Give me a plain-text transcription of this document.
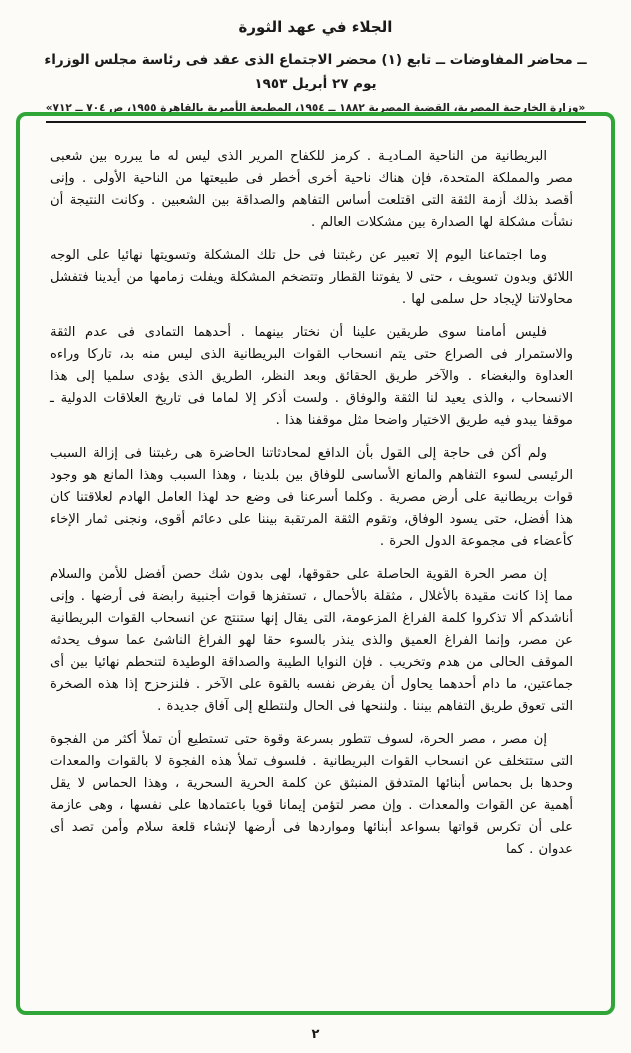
الجلاء في عهد الثورة
ــ محاضر المفاوضات ــ تابع (١) محضر الاجتماع الذى عقد فى رئاسة مجلس الوزراء يوم ٢٧ أبريل ١٩٥٣
«وزارة الخارجية المصرية، القضية المصرية ١٨٨٢ ــ ١٩٥٤، المطبعة الأميرية بالقاهرة ١٩٥٥، ص ٧٠٤ ــ ٧١٢»

البريطانية من الناحية المـاديـة . كرمز للكفاح المرير الذى ليس له ما يبرره بين شعبى مصر والمملكة المتحدة، فإن هناك ناحية أخرى أخطر فى طبيعتها من الناحية الأولى . وإنى أقصد بذلك أزمة الثقة التى اقتلعت أساس التفاهم والصداقة بين الشعبين . وكانت النتيجة أن نشأت مشكلة لها الصدارة بين مشكلات العالم .

وما اجتماعنا اليوم إلا تعبير عن رغبتنا فى حل تلك المشكلة وتسويتها نهائيا على الوجه اللائق وبدون تسويف ، حتى لا يفوتنا القطار وتتضخم المشكلة ويفلت زمامها من أيدينا فتفشل محاولاتنا لإيجاد حل سلمى لها .

فليس أمامنا سوى طريقين علينا أن نختار بينهما . أحدهما التمادى فى عدم الثقة والاستمرار فى الصراع حتى يتم انسحاب القوات البريطانية الذى ليس منه بد، تاركا وراءه العداوة والبغضاء . والآخر طريق الحقائق وبعد النظر، الطريق الذى يؤدى سلميا إلى هذا الانسحاب ، والذى يعيد لنا الثقة والوفاق . ولست أذكر إلا لماما فى تاريخ العلاقات الدولية ـ موقفا يبدو فيه طريق الاختيار واضحا مثل موقفنا هذا .

ولم أكن فى حاجة إلى القول بأن الدافع لمحادثاتنا الحاضرة هى رغبتنا فى إزالة السبب الرئيسى لسوء التفاهم والمانع الأساسى للوفاق بين بلدينا ، وهذا السبب وهذا المانع هو وجود قوات بريطانية على أرض مصرية . وكلما أسرعنا فى وضع حد لهذا العامل الهادم لعلاقتنا كان هذا أفضل، حتى يسود الوفاق، وتقوم الثقة المرتقبة بيننا على دعائم أقوى، ونجنى ثمار الإخاء كأعضاء فى مجموعة الدول الحرة .

إن مصر الحرة القوية الحاصلة على حقوقها، لهى بدون شك حصن أفضل للأمن والسلام مما إذا كانت مقيدة بالأغلال ، مثقلة بالأحمال ، تستفزها قوات أجنبية رابضة فى أرضها . وإنى أناشدكم ألا تذكروا كلمة الفراغ المزعومة، التى يقال إنها ستنتج عن انسحاب القوات البريطانية عن مصر، وإنما الفراغ العميق والذى ينذر بالسوء حقا لهو الفراغ الناشئ عما سوف يحدثه الموقف الحالى من هدم وتخريب . فإن النوايا الطيبة والصداقة الوطيدة لتنحطم نهائيا بين أى جماعتين، ما دام أحدهما يحاول أن يفرض نفسه بالقوة على الآخر . فلنزحزح إذا هذه الصخرة التى تعوق طريق التفاهم بيننا . ولننحها فى الحال ولنتطلع إلى آفاق جديدة .

إن مصر ، مصر الحرة، لسوف تتطور بسرعة وقوة حتى تستطيع أن تملأ أكثر من الفجوة التى ستتخلف عن انسحاب القوات البريطانية . فلسوف تملأ هذه الفجوة لا بالقوات والمعدات وحدها بل بحماس أبنائها المتدفق المنبثق عن كلمة الحرية السحرية ، وهذا الحماس لا يقل أهمية عن القوات والمعدات . وإن مصر لتؤمن إيمانا قويا باعتمادها على نفسها ، وهى عازمة على أن تكرس قواتها بسواعد أبنائها ومواردها فى أرضها لإنشاء قلعة سلام وأمن تصد أى عدوان . كما

٢
